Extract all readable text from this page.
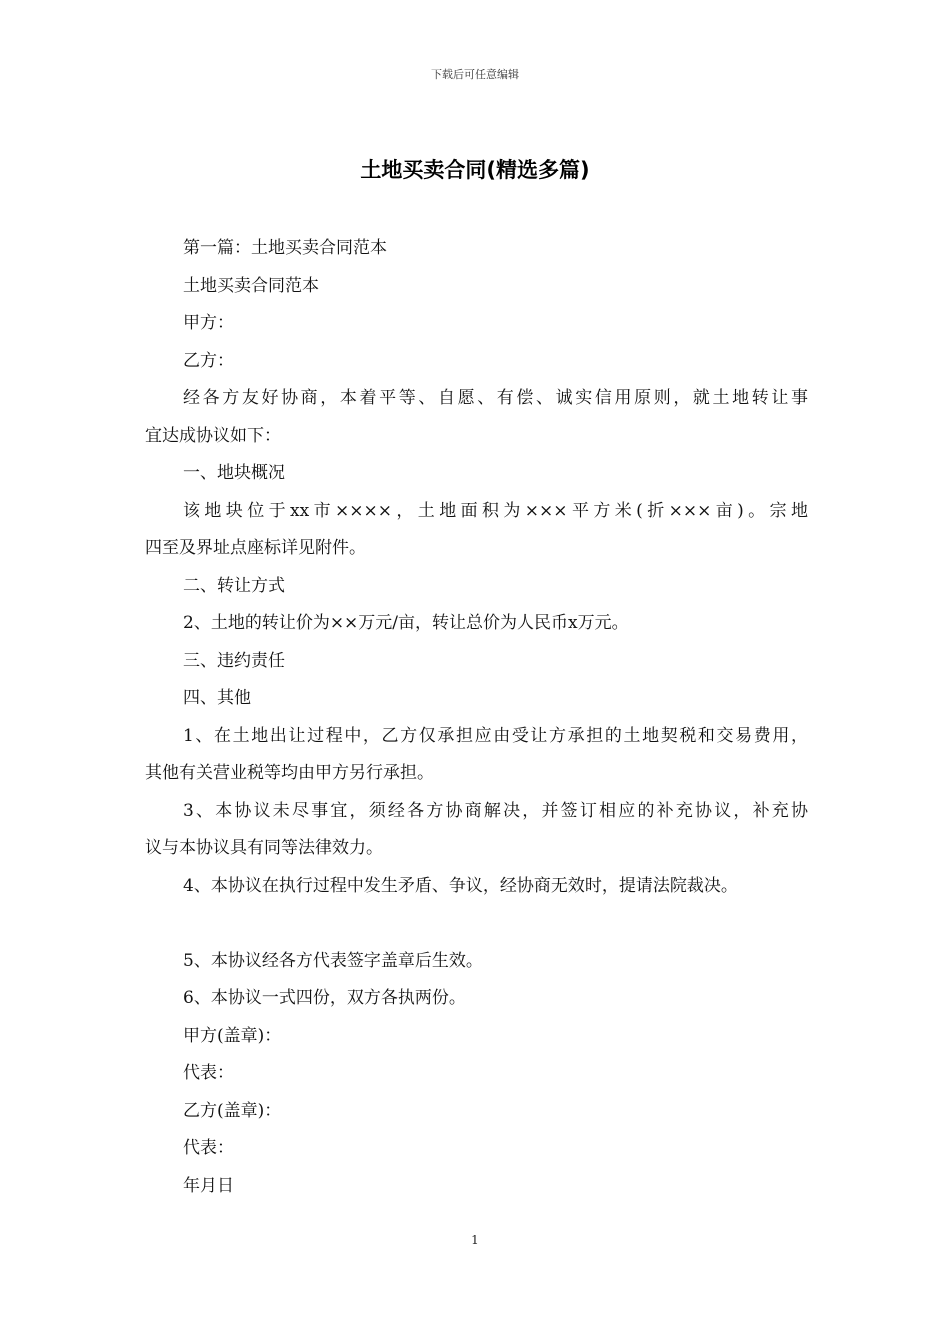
下载后可任意编辑
土地买卖合同(精选多篇)

第一篇：土地买卖合同范本

土地买卖合同范本

甲方：

乙方：

经各方友好协商，本着平等、自愿、有偿、诚实信用原则，就土地转让事

宜达成协议如下：

一、地块概况

该地块位于xx市××××，土地面积为×××平方米(折×××亩)。宗地

四至及界址点座标详见附件。

二、转让方式

2、土地的转让价为××万元/亩，转让总价为人民币x万元。

三、违约责任

四、其他

1、在土地出让过程中，乙方仅承担应由受让方承担的土地契税和交易费用，

其他有关营业税等均由甲方另行承担。

3、本协议未尽事宜，须经各方协商解决，并签订相应的补充协议，补充协

议与本协议具有同等法律效力。

4、本协议在执行过程中发生矛盾、争议，经协商无效时，提请法院裁决。

5、本协议经各方代表签字盖章后生效。

6、本协议一式四份，双方各执两份。

甲方(盖章)：

代表：

乙方(盖章)：

代表：

年月日

1
